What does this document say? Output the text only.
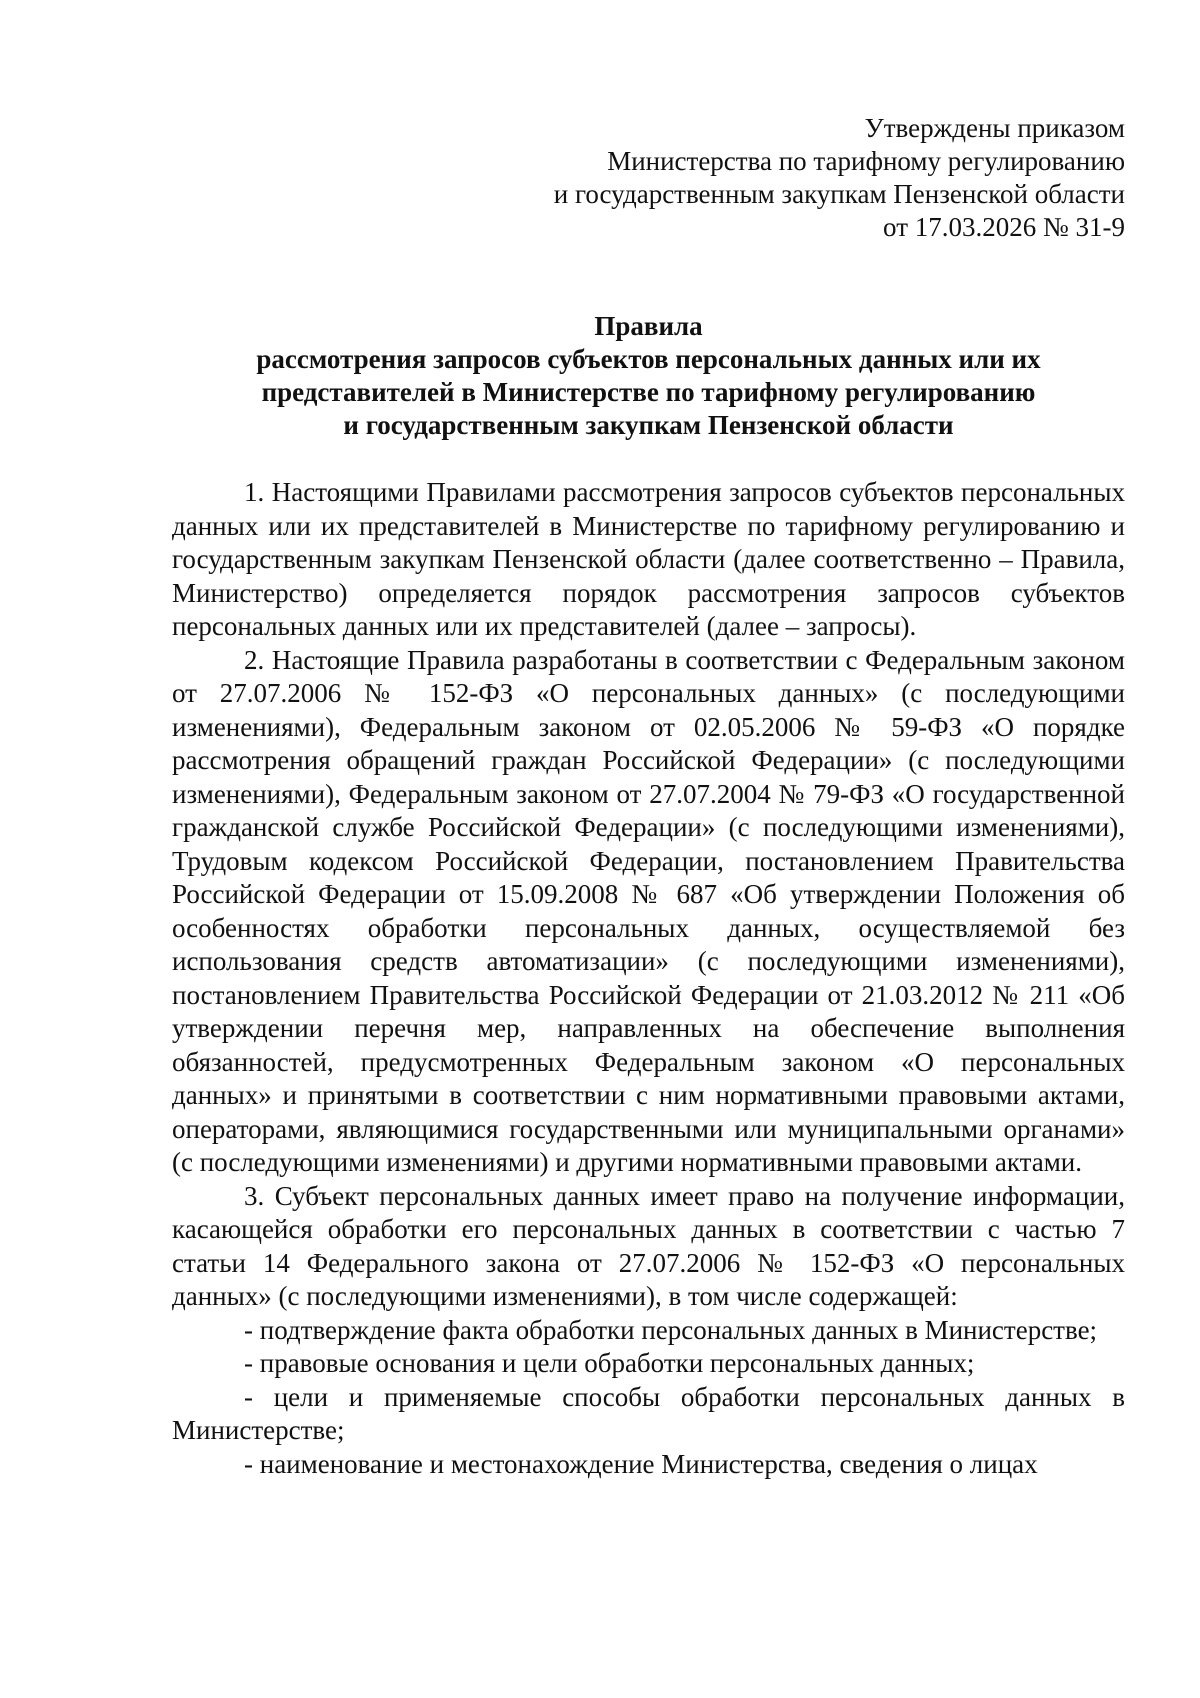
Утверждены приказом
Министерства по тарифному регулированию
и государственным закупкам Пензенской области
от 17.03.2026 № 31-9
Правила
рассмотрения запросов субъектов персональных данных или их
представителей в Министерстве по тарифному регулированию
и государственным закупкам Пензенской области

1. Настоящими Правилами рассмотрения запросов субъектов персональных данных или их представителей в Министерстве по тарифному регулированию и государственным закупкам Пензенской области (далее соответственно – Правила, Министерство) определяется порядок рассмотрения запросов субъектов персональных данных или их представителей (далее – запросы).

2. Настоящие Правила разработаны в соответствии с Федеральным законом от 27.07.2006 № 152-ФЗ «О персональных данных» (с последующими изменениями), Федеральным законом от 02.05.2006 № 59-ФЗ «О порядке рассмотрения обращений граждан Российской Федерации» (с последующими изменениями), Федеральным законом от 27.07.2004 № 79-ФЗ «О государственной гражданской службе Российской Федерации» (с последующими изменениями), Трудовым кодексом Российской Федерации, постановлением Правительства Российской Федерации от 15.09.2008 № 687 «Об утверждении Положения об особенностях обработки персональных данных, осуществляемой без использования средств автоматизации» (с последующими изменениями), постановлением Правительства Российской Федерации от 21.03.2012 № 211 «Об утверждении перечня мер, направленных на обеспечение выполнения обязанностей, предусмотренных Федеральным законом «О персональных данных» и принятыми в соответствии с ним нормативными правовыми актами, операторами, являющимися государственными или муниципальными органами» (с последующими изменениями) и другими нормативными правовыми актами.

3. Субъект персональных данных имеет право на получение информации, касающейся обработки его персональных данных в соответствии с частью 7 статьи 14 Федерального закона от 27.07.2006 № 152-ФЗ «О персональных данных» (с последующими изменениями), в том числе содержащей:

- подтверждение факта обработки персональных данных в Министерстве;

- правовые основания и цели обработки персональных данных;

- цели и применяемые способы обработки персональных данных в Министерстве;

- наименование и местонахождение Министерства, сведения о лицах
